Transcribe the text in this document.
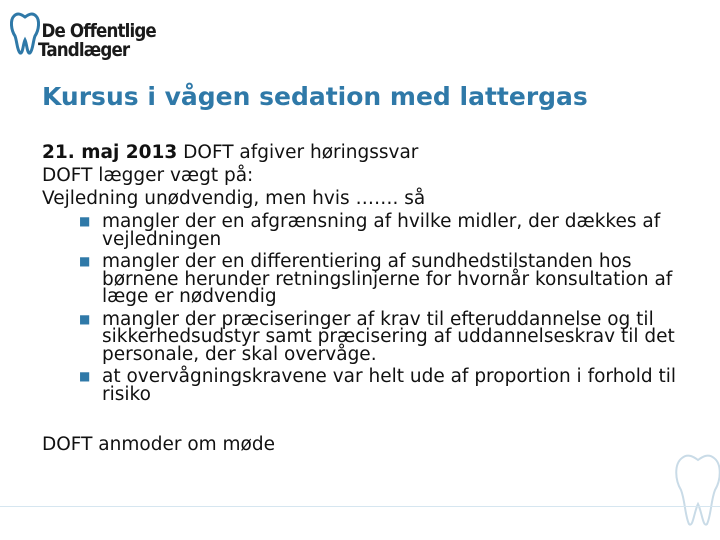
De Offentlige
Tandlæger
Kursus i vågen sedation med lattergas
21. maj 2013 DOFT afgiver høringssvar
DOFT lægger vægt på:
Vejledning unødvendig, men hvis ……. så
■ mangler der en afgrænsning af hvilke midler, der dækkes af vejledningen
■ mangler der en differentiering af sundhedstilstanden hos børnene herunder retningslinjerne for hvornår konsultation af læge er nødvendig
■ mangler der præciseringer af krav til efteruddannelse og til sikkerhedsudstyr samt præcisering af uddannelseskrav til det personale, der skal overvåge.
■ at overvågningskravene var helt ude af proportion i forhold til risiko
DOFT anmoder om møde
